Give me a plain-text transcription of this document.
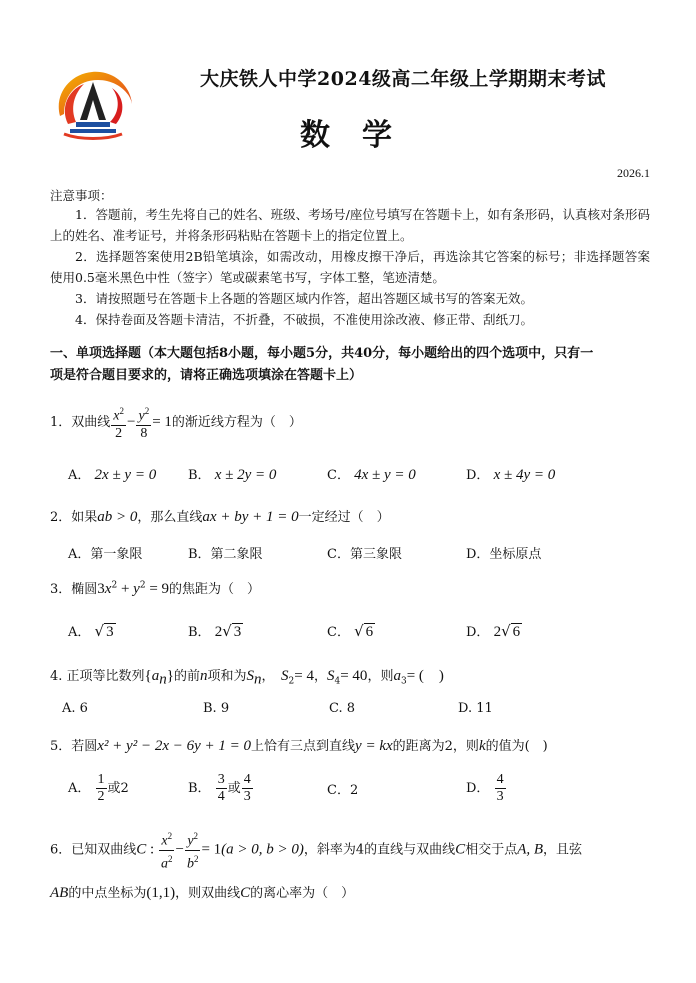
大庆铁人中学2024级高二年级上学期期末考试
数学
2026.1
注意事项：

1．答题前，考生先将自己的姓名、班级、考场号/座位号填写在答题卡上，如有条形码，认真核对条形码上的姓名、准考证号，并将条形码粘贴在答题卡上的指定位置上。

2．选择题答案使用2B铅笔填涂，如需改动，用橡皮擦干净后，再选涂其它答案的标号；非选择题答案使用0.5毫米黑色中性（签字）笔或碳素笔书写，字体工整，笔迹清楚。

3．请按照题号在答题卡上各题的答题区域内作答，超出答题区域书写的答案无效。

4．保持卷面及答题卡清洁，不折叠，不破损，不准使用涂改液、修正带、刮纸刀。

一、单项选择题（本大题包括8小题，每小题5分，共40分，每小题给出的四个选项中，只有一
项是符合题目要求的，请将正确选项填涂在答题卡上）
1．双曲线 $\frac{x^2}{2} - \frac{y^2}{8} = 1$的渐近线方程为（　）
A． 2x ± y = 0 B． x ± 2y = 0	C． 4x ± y = 0	D． x ± 4y = 0
2．如果ab > 0，那么直线ax + by + 1 = 0一定经过（　）
A．第一象限	B．第二象限	C．第三象限	D．坐标原点
3．椭圆$3x^2 + y^2 = 9$的焦距为（　）
A． √ 3	B． 2√ 3	C． √ 6	D． 2√ 6
4. 正项等比数列$\{a_n\}$的前n项和为$S_n$，　 $S_2= 4$，$S_4= 40$，则$a_3=$ (　)
A. 6	B. 9	C. 8	D. 11
5．若圆x² + y² − 2x − 6y + 1 = 0上恰有三点到直线y = kx的距离为2，则k的值为(　)
A． $\frac{1}{2}$ 或2	B． $\frac{3}{4}$ 或 $\frac{4}{3}$	C．2	D． $\frac{4}{3}$
6．已知双曲线C : $\frac{x^2}{a^2} - \frac{y^2}{b^2} = 1(a > 0$, b > 0)，斜率为4的直线与双曲线C相交于点A, B，且弦
AB的中点坐标为(1,1)，则双曲线C的离心率为（　）
